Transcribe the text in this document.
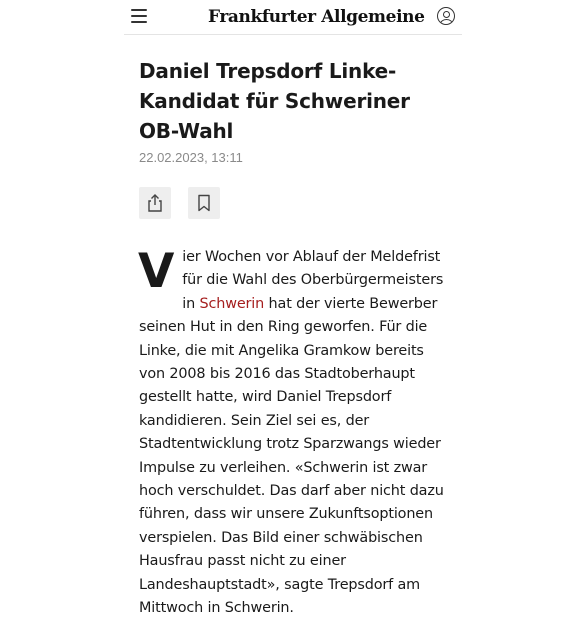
Frankfurter Allgemeine
Daniel Trepsdorf Linke-Kandidat für Schweriner OB-Wahl
22.02.2023, 13:11

Vier Wochen vor Ablauf der Meldefrist für die Wahl des Oberbürgermeisters in Schwerin hat der vierte Bewerber seinen Hut in den Ring geworfen. Für die Linke, die mit Angelika Gramkow bereits von 2008 bis 2016 das Stadtoberhaupt gestellt hatte, wird Daniel Trepsdorf kandidieren. Sein Ziel sei es, der Stadtentwicklung trotz Sparzwangs wieder Impulse zu verleihen. «Schwerin ist zwar hoch verschuldet. Das darf aber nicht dazu führen, dass wir unsere Zukunftsoptionen verspielen. Das Bild einer schwäbischen Hausfrau passt nicht zu einer Landeshauptstadt», sagte Trepsdorf am Mittwoch in Schwerin.
